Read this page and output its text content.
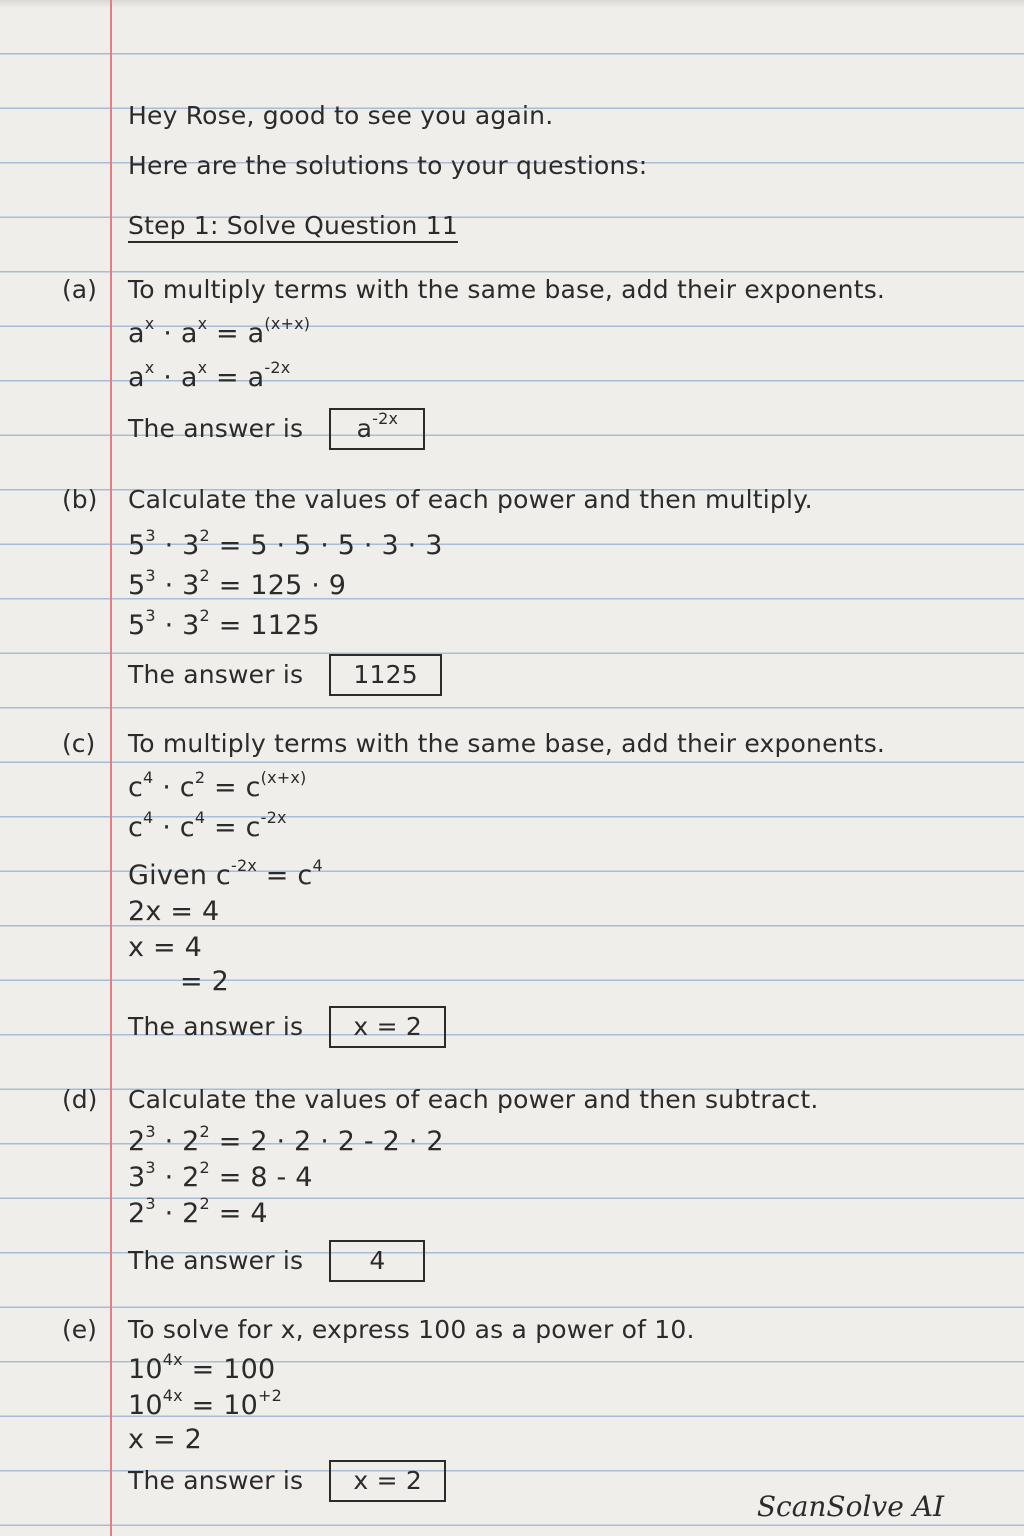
Hey Rose, good to see you again.
Here are the solutions to your questions:
Step 1: Solve Question 11
(a) To multiply terms with the same base, add their exponents.
$a^x \cdot a^x = a^{(x+x)}$
$a^x \cdot a^x = a^{-2x}$
The answer is $a^{-2x}$
(b) Calculate the values of each power and then multiply.
$5^3 \cdot 3^2 = 5 \cdot 5 \cdot 5 \cdot 3 \cdot 3$
$5^3 \cdot 3^2 = 125 \cdot 9$
$5^3 \cdot 3^2 = 1125$
The answer is 1125
(c) To multiply terms with the same base, add their exponents.
$c^4 \cdot c^2 = c^{(x+x)}$
$c^4 \cdot c^4 = c^{-2x}$
Given $c^{-2x} = c^4$
2x = 4
x = 4
= 2
The answer is x = 2
(d) Calculate the values of each power and then subtract.
$2^3 \cdot 2^2 = 2 \cdot 2 \cdot 2 - 2 \cdot 2$
$3^3 \cdot 2^2 = 8 - 4$
$2^3 \cdot 2^2 = 4$
The answer is	4
(e) To solve for x, express 100 as a power of 10.
$10^{4x} = 100$
$10^{4x} = 10^{+2}$
x = 2
The answer is x = 2
ScanSolve AI
